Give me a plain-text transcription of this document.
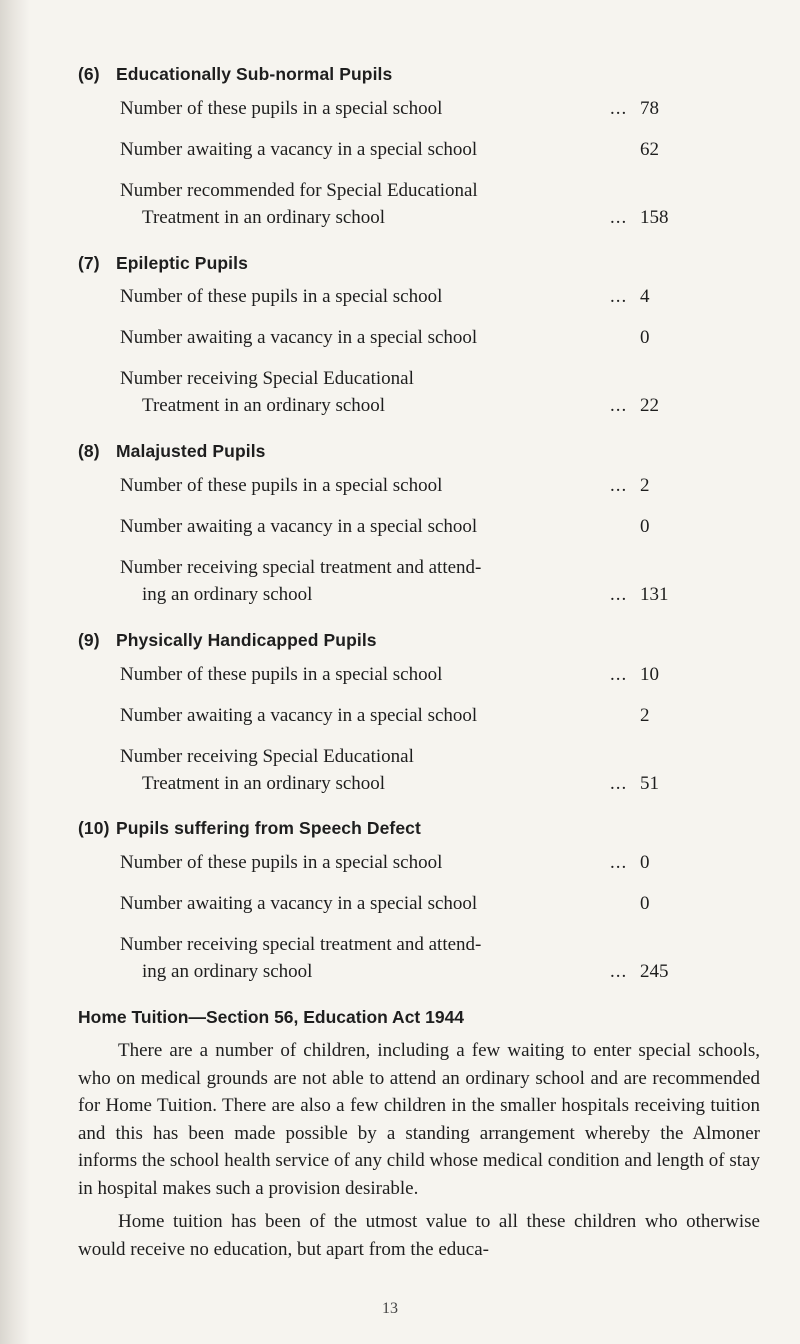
(6) Educationally Sub-normal Pupils
Number of these pupils in a special school	... 78
Number awaiting a vacancy in a special school	62
Number recommended for Special Educational
Treatment in an ordinary school	... 158
(7) Epileptic Pupils
Number of these pupils in a special school	... 4
Number awaiting a vacancy in a special school	0
Number receiving Special Educational
Treatment in an ordinary school	... 22
(8) Malajusted Pupils
Number of these pupils in a special school	... 2
Number awaiting a vacancy in a special school	0
Number receiving special treatment and attend-
ing an ordinary school	... 131
(9) Physically Handicapped Pupils
Number of these pupils in a special school	... 10
Number awaiting a vacancy in a special school	2
Number receiving Special Educational
Treatment in an ordinary school	... 51
(10) Pupils suffering from Speech Defect
Number of these pupils in a special school	... 0
Number awaiting a vacancy in a special school	0
Number receiving special treatment and attend-
ing an ordinary school	... 245
Home Tuition—Section 56, Education Act 1944

There are a number of children, including a few waiting to enter special schools, who on medical grounds are not able to attend an ordinary school and are recommended for Home Tuition. There are also a few children in the smaller hospitals receiving tuition and this has been made possible by a standing arrangement whereby the Almoner informs the school health service of any child whose medical condition and length of stay in hospital makes such a provision desirable.

Home tuition has been of the utmost value to all these children who otherwise would receive no education, but apart from the educa-

13
